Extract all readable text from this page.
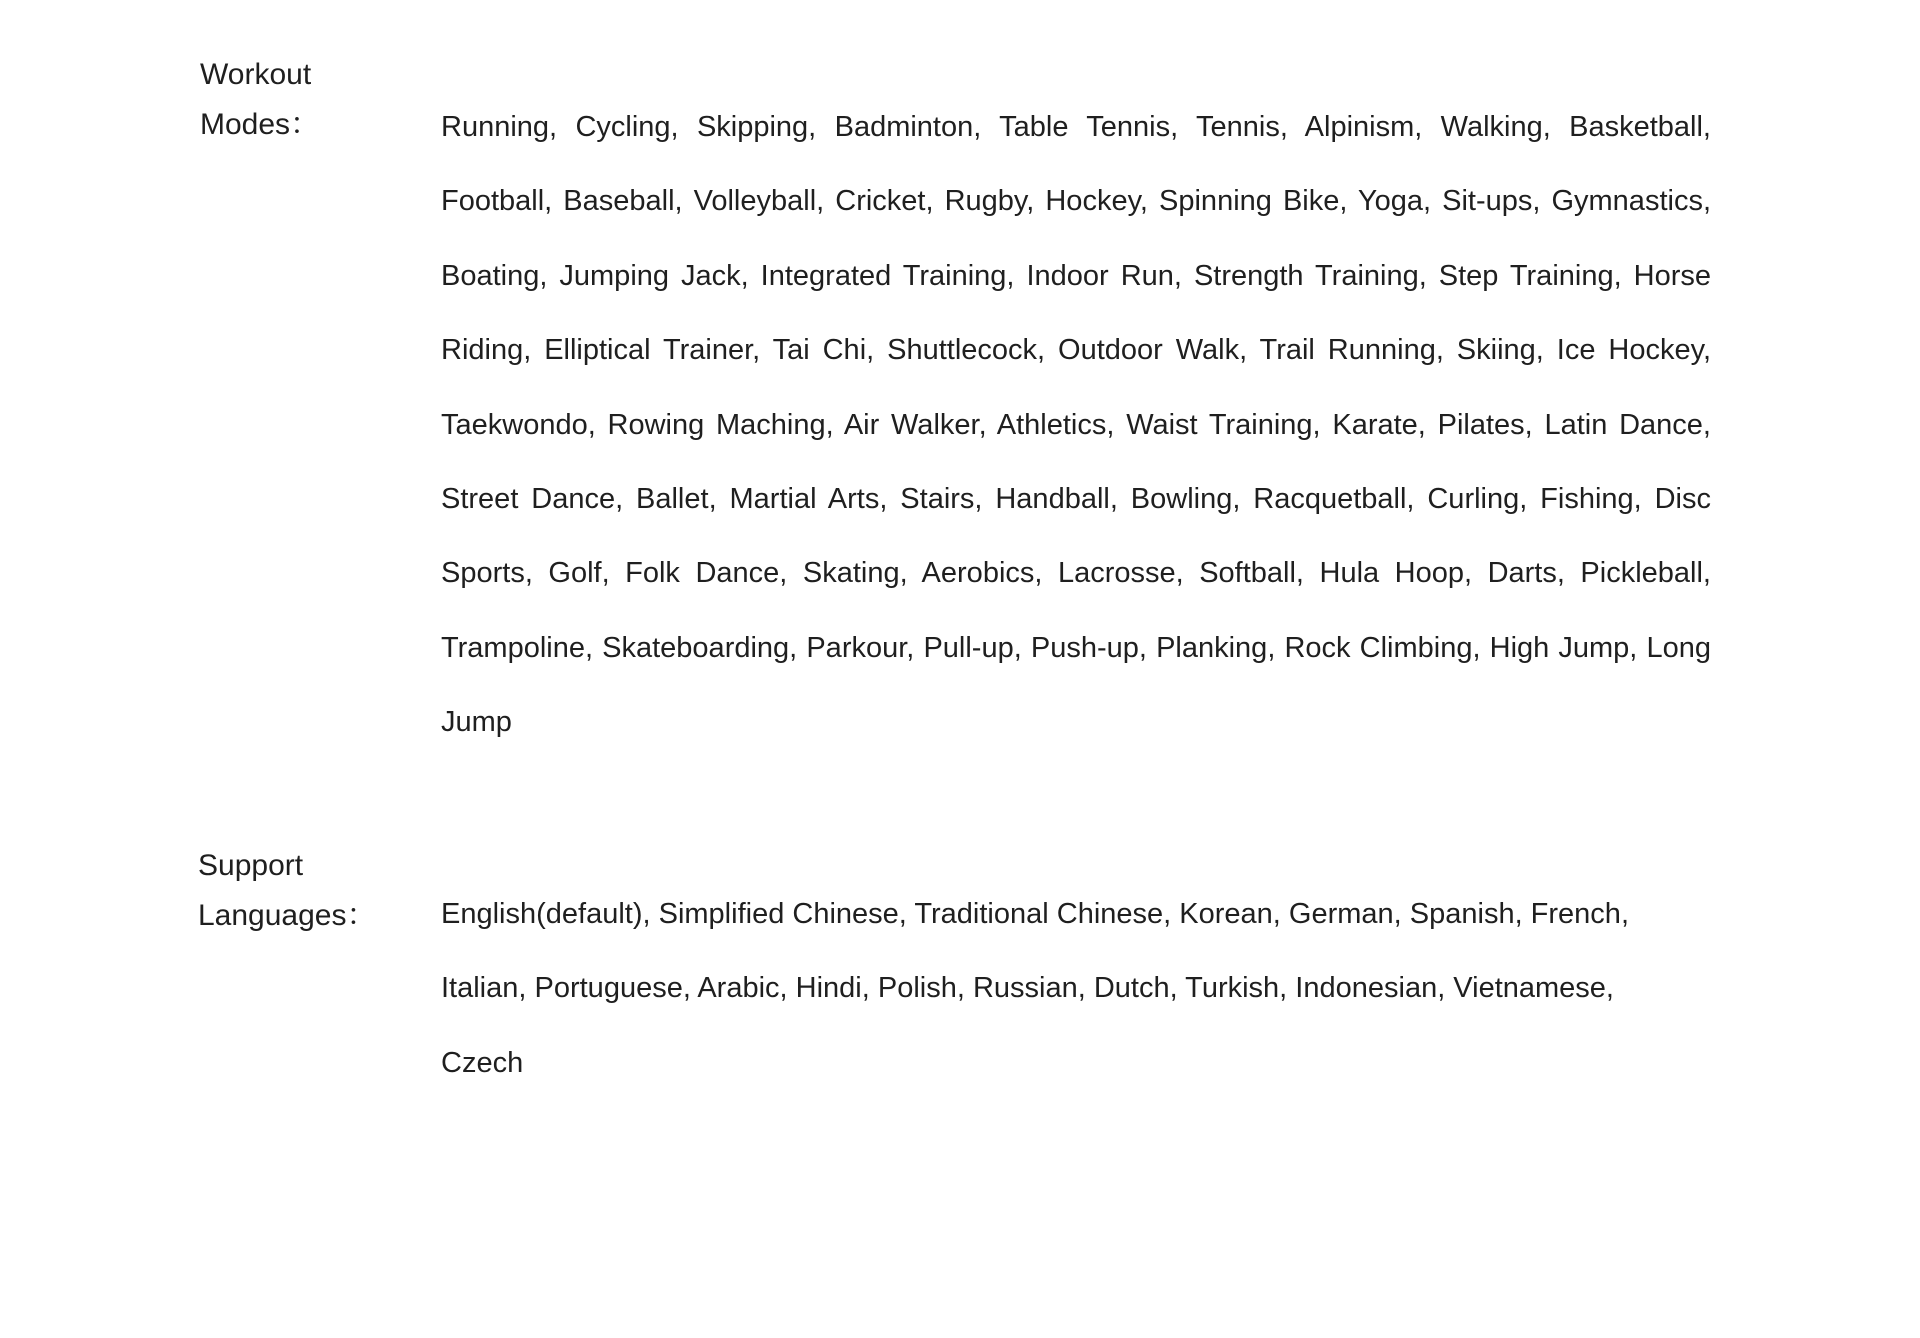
Workout
Modes：	Running, Cycling, Skipping, Badminton, Table Tennis, Tennis, Alpinism, Walking, Basketball, Football, Baseball, Volleyball, Cricket, Rugby, Hockey, Spinning Bike, Yoga, Sit-ups, Gymnastics, Boating, Jumping Jack, Integrated Training, Indoor Run, Strength Training, Step Training, Horse Riding, Elliptical Trainer, Tai Chi, Shuttlecock, Outdoor Walk, Trail Running, Skiing, Ice Hockey, Taekwondo, Rowing Maching, Air Walker, Athletics, Waist Training, Karate, Pilates, Latin Dance, Street Dance, Ballet, Martial Arts, Stairs, Handball, Bowling, Racquetball, Curling, Fishing, Disc Sports, Golf, Folk Dance, Skating, Aerobics, Lacrosse, Softball, Hula Hoop, Darts, Pickleball, Trampoline, Skateboarding, Parkour, Pull-up, Push-up, Planking, Rock Climbing, High Jump, Long Jump

Support
Languages： English(default), Simplified Chinese, Traditional Chinese, Korean, German, Spanish, French, Italian, Portuguese, Arabic, Hindi, Polish, Russian, Dutch, Turkish, Indonesian, Vietnamese, Czech
